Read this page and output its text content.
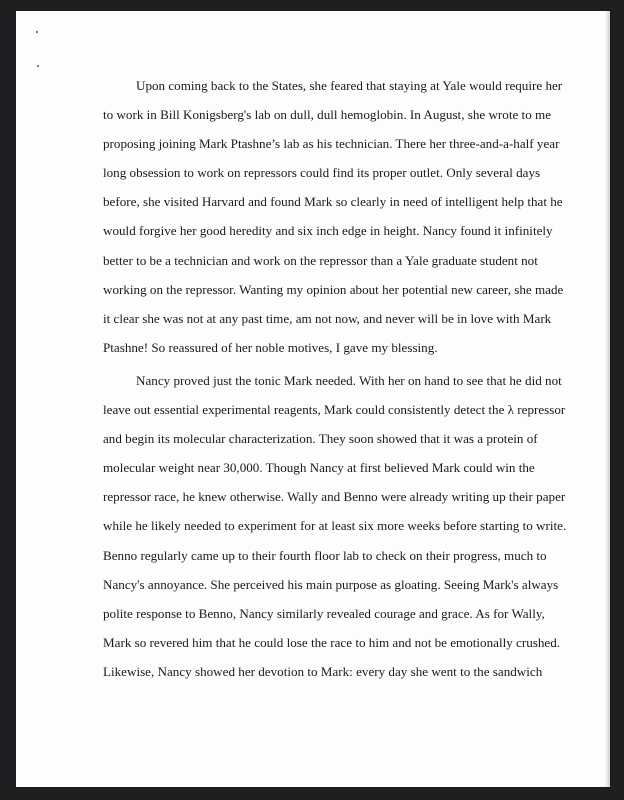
Upon coming back to the States, she feared that staying at Yale would require her
to work in Bill Konigsberg's lab on dull, dull hemoglobin. In August, she wrote to me
proposing joining Mark Ptashne’s lab as his technician. There her three-and-a-half year
long obsession to work on repressors could find its proper outlet. Only several days
before, she visited Harvard and found Mark so clearly in need of intelligent help that he
would forgive her good heredity and six inch edge in height. Nancy found it infinitely
better to be a technician and work on the repressor than a Yale graduate student not
working on the repressor. Wanting my opinion about her potential new career, she made
it clear she was not at any past time, am not now, and never will be in love with Mark
Ptashne! So reassured of her noble motives, I gave my blessing.
Nancy proved just the tonic Mark needed. With her on hand to see that he did not
leave out essential experimental reagents, Mark could consistently detect the λ repressor
and begin its molecular characterization. They soon showed that it was a protein of
molecular weight near 30,000. Though Nancy at first believed Mark could win the
repressor race, he knew otherwise. Wally and Benno were already writing up their paper
while he likely needed to experiment for at least six more weeks before starting to write.
Benno regularly came up to their fourth floor lab to check on their progress, much to
Nancy's annoyance. She perceived his main purpose as gloating. Seeing Mark's always
polite response to Benno, Nancy similarly revealed courage and grace. As for Wally,
Mark so revered him that he could lose the race to him and not be emotionally crushed.
Likewise, Nancy showed her devotion to Mark: every day she went to the sandwich
